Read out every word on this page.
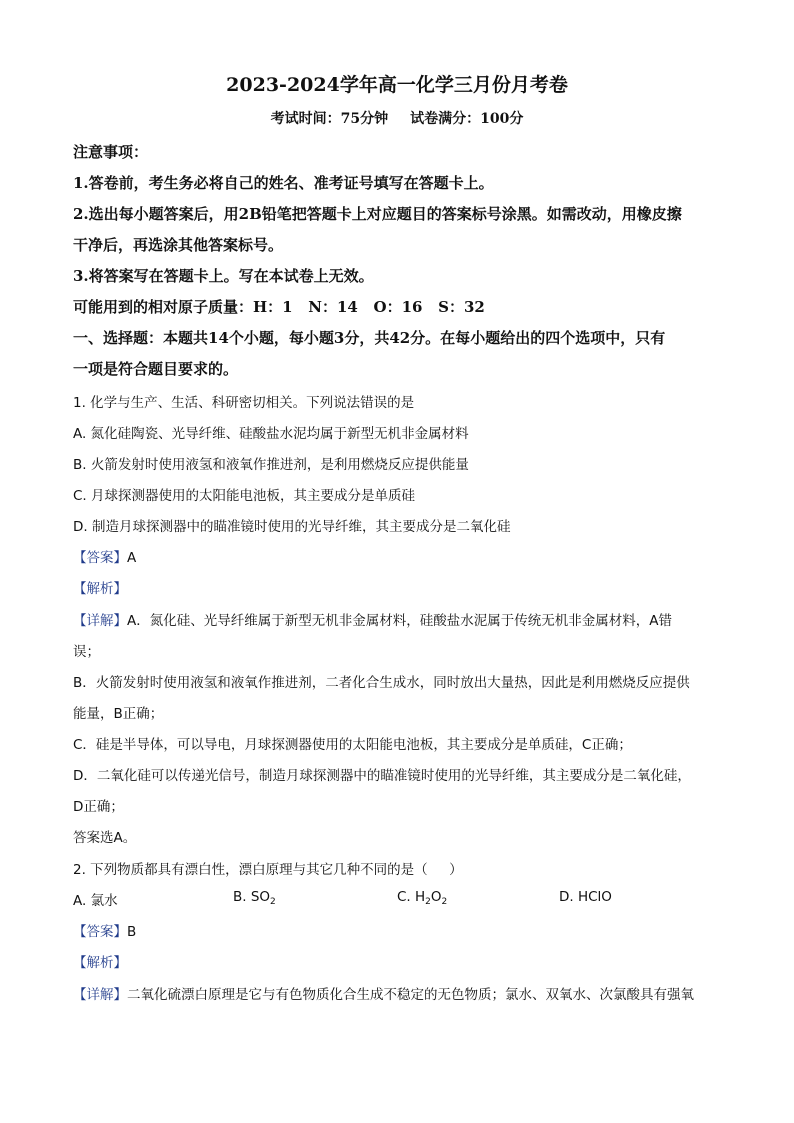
2023-2024学年高一化学三月份月考卷
考试时间：75分钟 试卷满分：100分
注意事项：
1.答卷前，考生务必将自己的姓名、准考证号填写在答题卡上。
2.选出每小题答案后，用2B铅笔把答题卡上对应题目的答案标号涂黑。如需改动，用橡皮擦
干净后，再选涂其他答案标号。
3.将答案写在答题卡上。写在本试卷上无效。
可能用到的相对原子质量：H：1   N：14   O：16   S：32
一、选择题：本题共14个小题，每小题3分，共42分。在每小题给出的四个选项中，只有
一项是符合题目要求的。
1. 化学与生产、生活、科研密切相关。下列说法错误的是
A. 氮化硅陶瓷、光导纤维、硅酸盐水泥均属于新型无机非金属材料
B. 火箭发射时使用液氢和液氧作推进剂，是利用燃烧反应提供能量
C. 月球探测器使用的太阳能电池板，其主要成分是单质硅
D. 制造月球探测器中的瞄准镜时使用的光导纤维，其主要成分是二氧化硅
【答案】A
【解析】
【详解】A．氮化硅、光导纤维属于新型无机非金属材料，硅酸盐水泥属于传统无机非金属材料，A错
误；
B．火箭发射时使用液氢和液氧作推进剂，二者化合生成水，同时放出大量热，因此是利用燃烧反应提供
能量，B正确；
C．硅是半导体，可以导电，月球探测器使用的太阳能电池板，其主要成分是单质硅，C正确；
D．二氧化硅可以传递光信号，制造月球探测器中的瞄准镜时使用的光导纤维，其主要成分是二氧化硅，
D正确；
答案选A。
2. 下列物质都具有漂白性，漂白原理与其它几种不同的是（     ）
A. 氯水	B. $SO_2$	C. $H_2O_2$	D. HClO
【答案】B
【解析】
【详解】二氧化硫漂白原理是它与有色物质化合生成不稳定的无色物质；氯水、双氧水、次氯酸具有强氧
